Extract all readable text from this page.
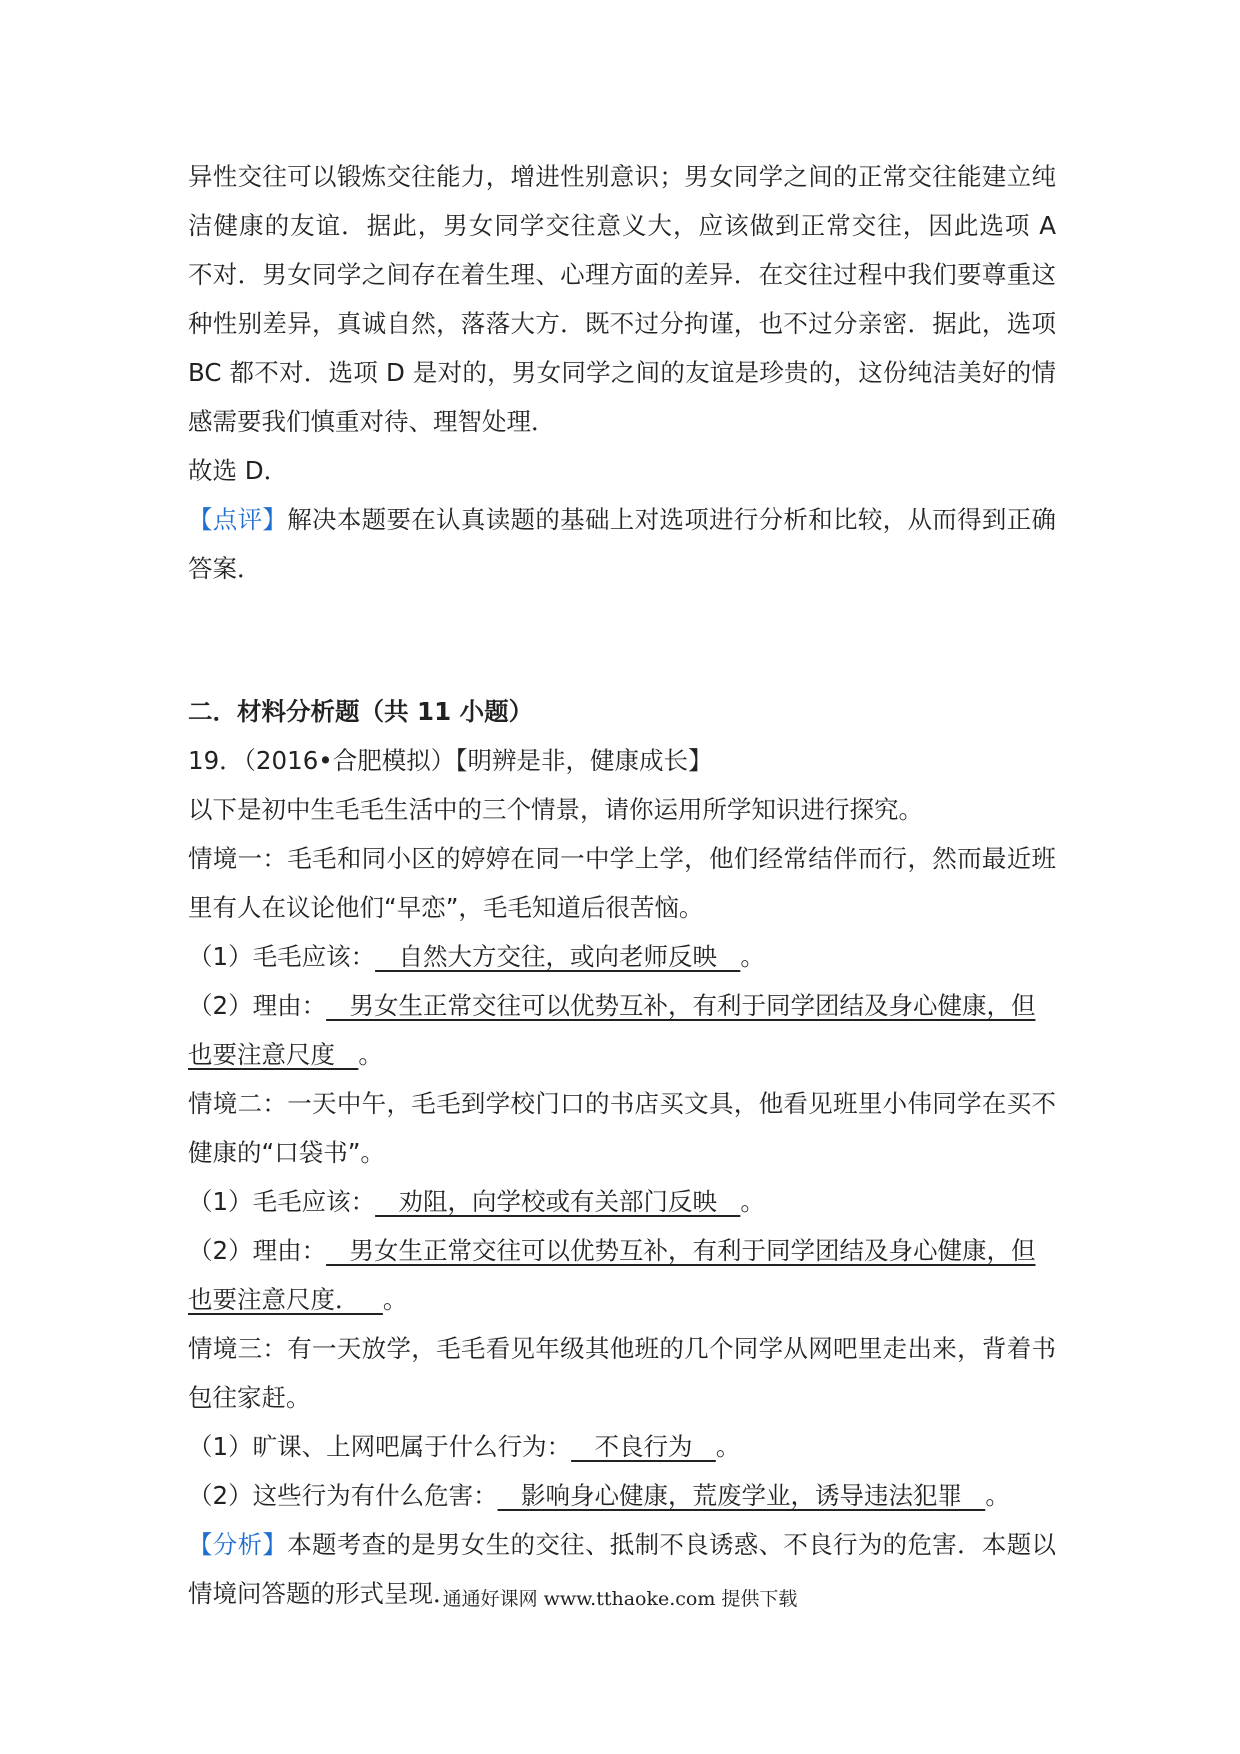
异性交往可以锻炼交往能力，增进性别意识；男女同学之间的正常交往能建立纯
洁健康的友谊．据此，男女同学交往意义大，应该做到正常交往，因此选项 A
不对．男女同学之间存在着生理、心理方面的差异．在交往过程中我们要尊重这
种性别差异，真诚自然，落落大方．既不过分拘谨，也不过分亲密．据此，选项
BC 都不对．选项 D 是对的，男女同学之间的友谊是珍贵的，这份纯洁美好的情
感需要我们慎重对待、理智处理．
故选 D．
【点评】解决本题要在认真读题的基础上对选项进行分析和比较，从而得到正确
答案．
二．材料分析题（共 11 小题）
19．（2016•合肥模拟）【明辨是非，健康成长】
以下是初中生毛毛生活中的三个情景，请你运用所学知识进行探究。
情境一：毛毛和同小区的婷婷在同一中学上学，他们经常结伴而行，然而最近班
里有人在议论他们“早恋”，毛毛知道后很苦恼。
（1）毛毛应该：   自然大方交往，或向老师反映   。
（2）理由：   男女生正常交往可以优势互补，有利于同学团结及身心健康，但
也要注意尺度   。
情境二：一天中午，毛毛到学校门口的书店买文具，他看见班里小伟同学在买不
健康的“口袋书”。
（1）毛毛应该：   劝阻，向学校或有关部门反映   。
（2）理由：   男女生正常交往可以优势互补，有利于同学团结及身心健康，但
也要注意尺度．   。
情境三：有一天放学，毛毛看见年级其他班的几个同学从网吧里走出来，背着书
包往家赶。
（1）旷课、上网吧属于什么行为：   不良行为   。
（2）这些行为有什么危害：   影响身心健康，荒废学业，诱导违法犯罪   。
【分析】本题考查的是男女生的交往、抵制不良诱惑、不良行为的危害．本题以
情境问答题的形式呈现．
通通好课网 www.tthaoke.com 提供下载
